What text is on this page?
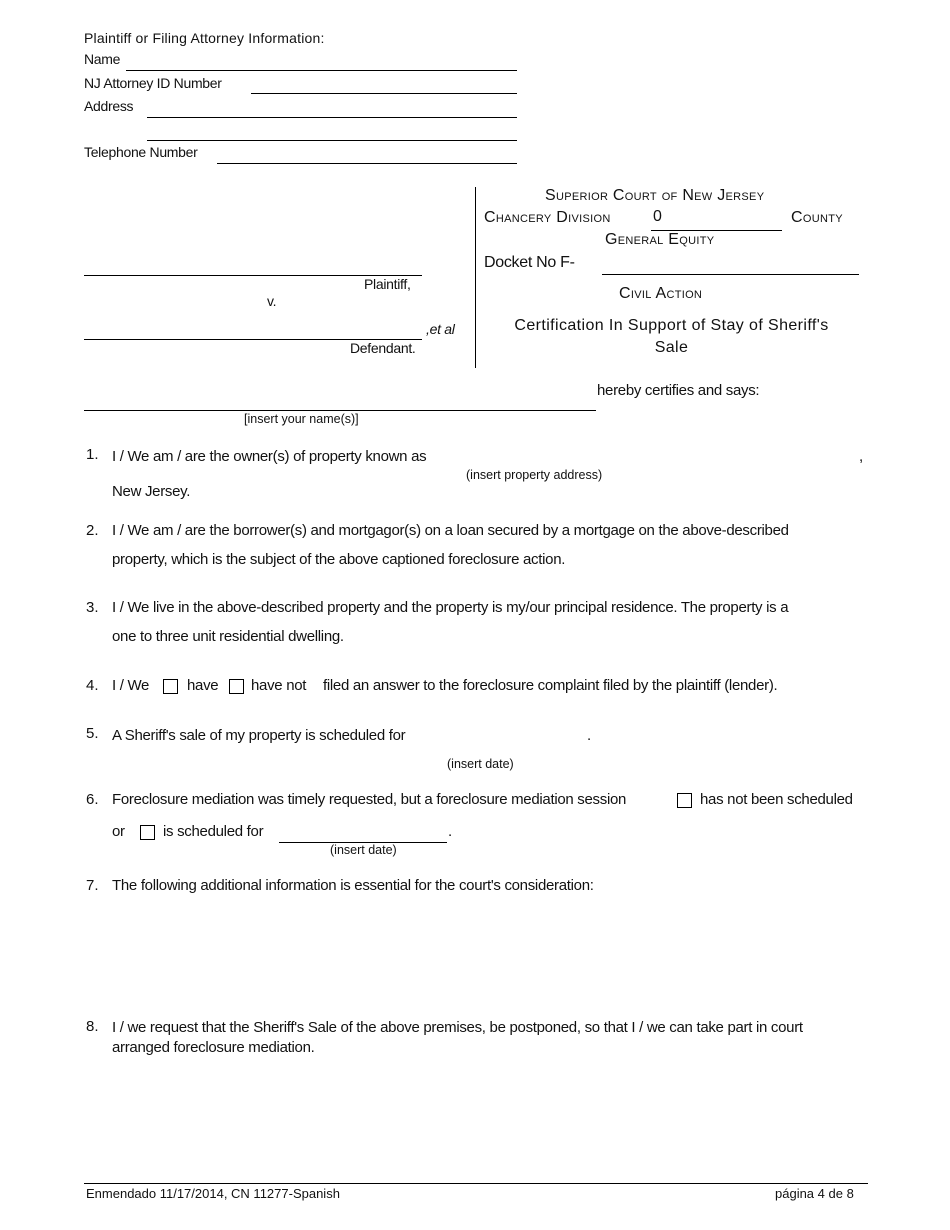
Plaintiff or Filing Attorney Information:
Name
NJ Attorney ID Number
Address
Telephone Number
Plaintiff,
v.
,et al
Defendant.
Superior Court of New Jersey
Chancery Division	0	County
General Equity
Docket No F-
Civil Action
Certification In Support of Stay of Sheriff's
Sale
hereby certifies and says:
[insert your name(s)]
1. I / We am / are the owner(s) of property known as	,
(insert property address)
New Jersey.
2. I / We am / are the borrower(s) and mortgagor(s) on a loan secured by a mortgage on the above-described
property, which is the subject of the above captioned foreclosure action.
3. I / We live in the above-described property and the property is my/our principal residence. The property is a
one to three unit residential dwelling.
4. I / We	have have not filed an answer to the foreclosure complaint filed by the plaintiff (lender).
5. A Sheriff's sale of my property is scheduled for	.
(insert date)
6. Foreclosure mediation was timely requested, but a foreclosure mediation session	has not been scheduled
or	is scheduled for	.
(insert date)
7. The following additional information is essential for the court's consideration:
8. I / we request that the Sheriff's Sale of the above premises, be postponed, so that I / we can take part in court
arranged foreclosure mediation.
Enmendado 11/17/2014, CN 11277-Spanish	página 4 de 8
